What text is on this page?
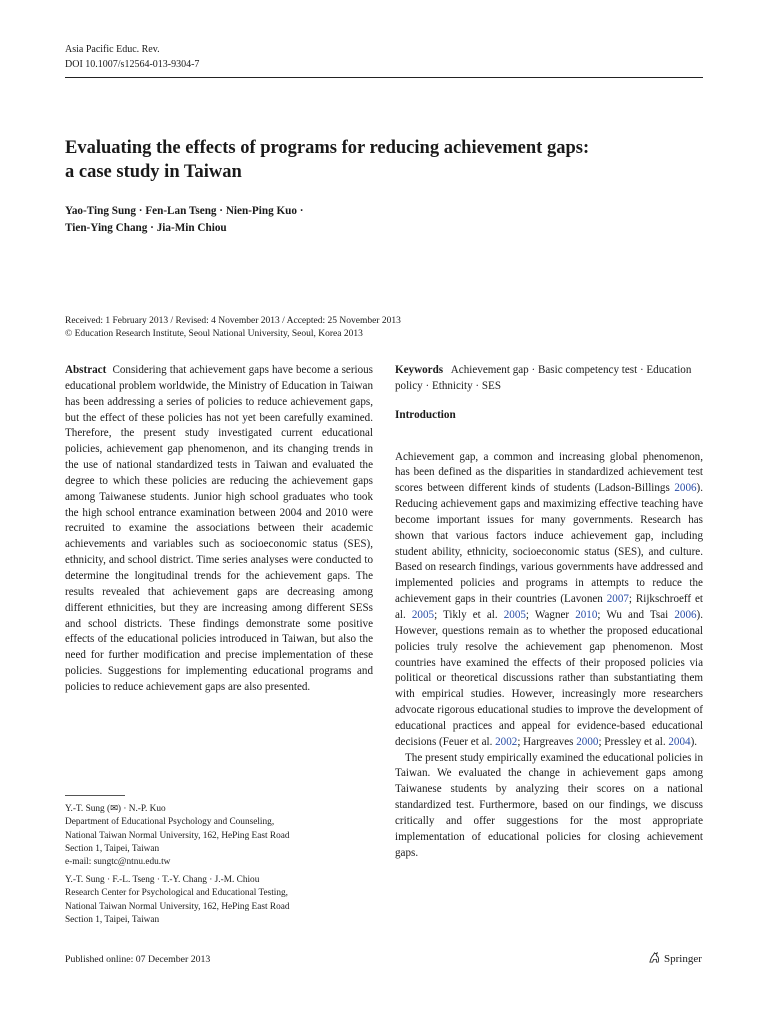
Asia Pacific Educ. Rev.
DOI 10.1007/s12564-013-9304-7
Evaluating the effects of programs for reducing achievement gaps:
a case study in Taiwan
Yao-Ting Sung · Fen-Lan Tseng · Nien-Ping Kuo ·
Tien-Ying Chang · Jia-Min Chiou
Received: 1 February 2013 / Revised: 4 November 2013 / Accepted: 25 November 2013
© Education Research Institute, Seoul National University, Seoul, Korea 2013
Abstract Considering that achievement gaps have become a serious educational problem worldwide, the Ministry of Education in Taiwan has been addressing a series of policies to reduce achievement gaps, but the effect of these policies has not yet been carefully examined. Therefore, the present study investigated current educational policies, achievement gap phenomenon, and its changing trends in the use of national standardized tests in Taiwan and evaluated the degree to which these policies are reducing the achievement gaps among Taiwanese students. Junior high school graduates who took the high school entrance examination between 2004 and 2010 were recruited to examine the associations between their academic achievements and variables such as socioeconomic status (SES), ethnicity, and school district. Time series analyses were conducted to determine the longitudinal trends for the achievement gaps. The results revealed that achievement gaps are decreasing among different ethnicities, but they are increasing among different SESs and school districts. These findings demonstrate some positive effects of the educational policies introduced in Taiwan, but also the need for further modification and precise implementation of these policies. Suggestions for implementing educational programs and policies to reduce achievement gaps are also presented.
Y.-T. Sung (✉) · N.-P. Kuo
Department of Educational Psychology and Counseling,
National Taiwan Normal University, 162, HePing East Road
Section 1, Taipei, Taiwan
e-mail: sungtc@ntnu.edu.tw
Y.-T. Sung · F.-L. Tseng · T.-Y. Chang · J.-M. Chiou
Research Center for Psychological and Educational Testing,
National Taiwan Normal University, 162, HePing East Road
Section 1, Taipei, Taiwan
Keywords Achievement gap · Basic competency test · Education policy · Ethnicity · SES
Introduction
Achievement gap, a common and increasing global phenomenon, has been defined as the disparities in standardized achievement test scores between different kinds of students (Ladson-Billings 2006). Reducing achievement gaps and maximizing effective teaching have become important issues for many governments. Research has shown that various factors induce achievement gap, including student ability, ethnicity, socioeconomic status (SES), and culture. Based on research findings, various governments have addressed and implemented policies and programs in attempts to reduce the achievement gaps in their countries (Lavonen 2007; Rijkschroeff et al. 2005; Tikly et al. 2005; Wagner 2010; Wu and Tsai 2006). However, questions remain as to whether the proposed educational policies truly resolve the achievement gap phenomenon. Most countries have examined the effects of their proposed policies via political or theoretical discussions rather than substantiating them with empirical studies. However, increasingly more researchers advocate rigorous educational studies to improve the development of educational practices and appeal for evidence-based educational decisions (Feuer et al. 2002; Hargreaves 2000; Pressley et al. 2004).
The present study empirically examined the educational policies in Taiwan. We evaluated the change in achievement gaps among Taiwanese students by analyzing their scores on a national standardized test. Furthermore, based on our findings, we discuss critically and offer suggestions for the most appropriate implementation of educational policies for closing achievement gaps.
Published online: 07 December 2013	Springer
